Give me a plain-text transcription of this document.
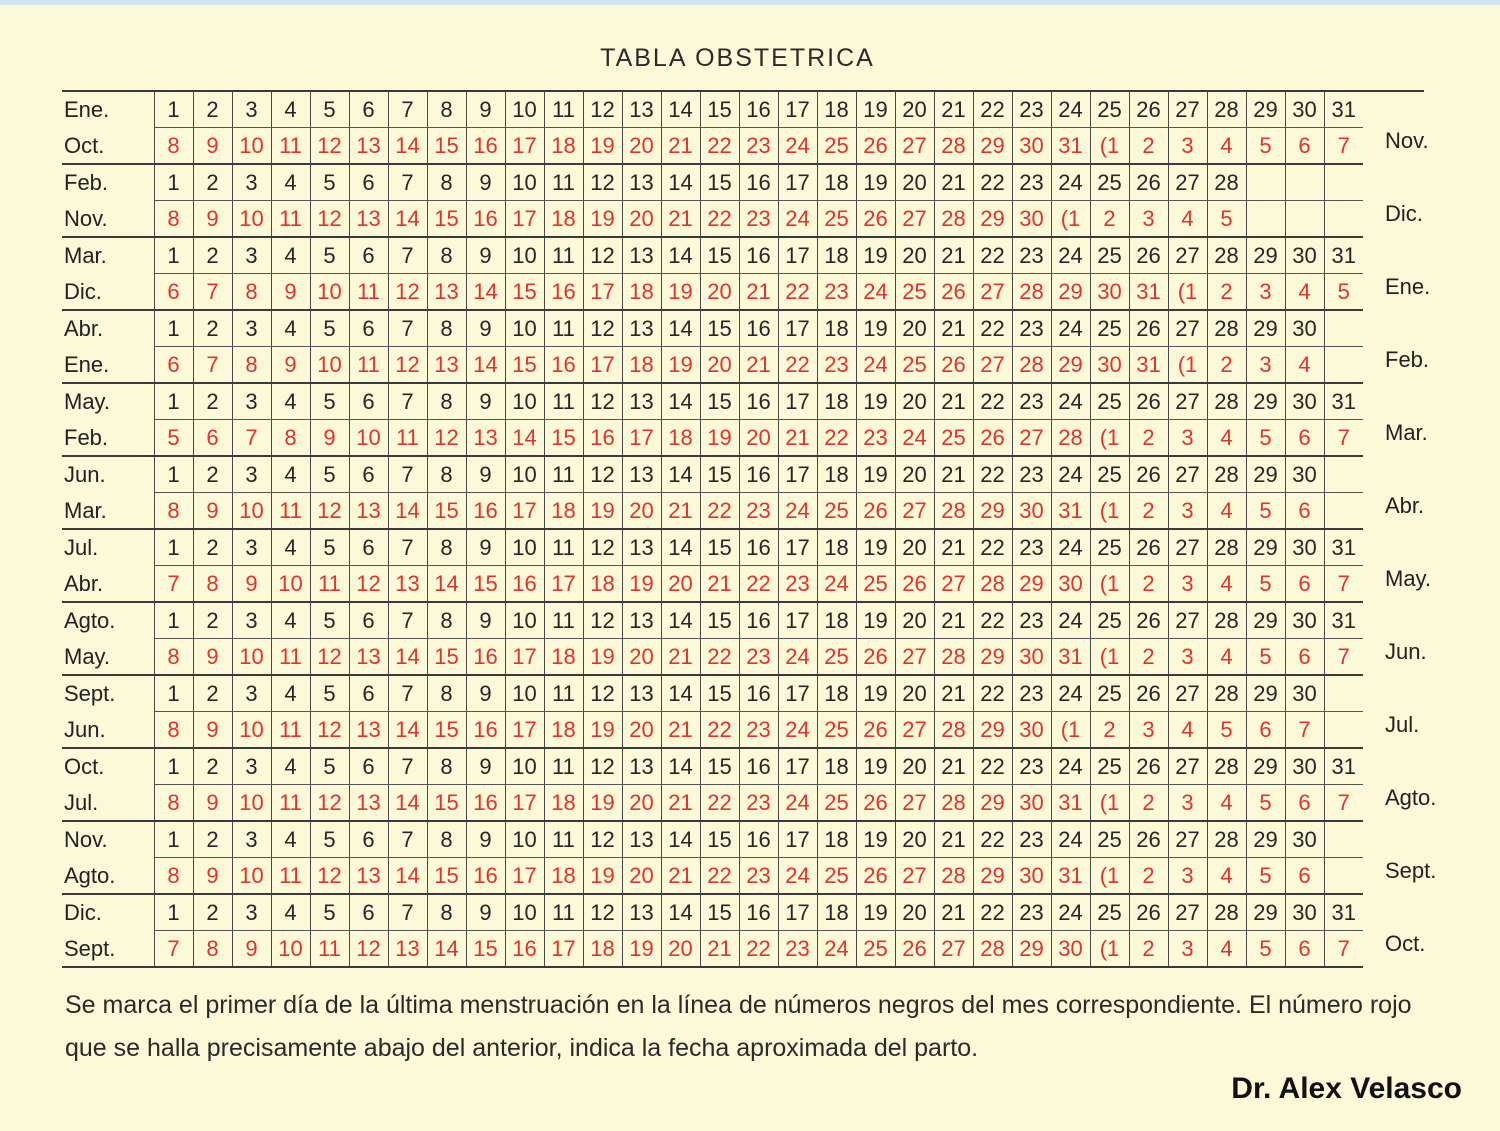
TABLA OBSTETRICA
Ene.		1	2	3	4	5	6	7	8	9	10	11	12	13	14	15	16	17	18	19	20	21	22	23	24	25	26	27	28	29	30	31	Nov.
Oct.		8	9	10	11	12	13	14	15	16	17	18	19	20	21	22	23	24	25	26	27	28	29	30	31	(1	2	3	4	5	6	7	
Feb.		1	2	3	4	5	6	7	8	9	10	11	12	13	14	15	16	17	18	19	20	21	22	23	24	25	26	27	28				Dic.
Nov.		8	9	10	11	12	13	14	15	16	17	18	19	20	21	22	23	24	25	26	27	28	29	30	(1	2	3	4	5				
Mar.		1	2	3	4	5	6	7	8	9	10	11	12	13	14	15	16	17	18	19	20	21	22	23	24	25	26	27	28	29	30	31	Ene.
Dic.		6	7	8	9	10	11	12	13	14	15	16	17	18	19	20	21	22	23	24	25	26	27	28	29	30	31	(1	2	3	4	5	
Abr.		1	2	3	4	5	6	7	8	9	10	11	12	13	14	15	16	17	18	19	20	21	22	23	24	25	26	27	28	29	30		Feb.
Ene.		6	7	8	9	10	11	12	13	14	15	16	17	18	19	20	21	22	23	24	25	26	27	28	29	30	31	(1	2	3	4		
May.		1	2	3	4	5	6	7	8	9	10	11	12	13	14	15	16	17	18	19	20	21	22	23	24	25	26	27	28	29	30	31	Mar.
Feb.		5	6	7	8	9	10	11	12	13	14	15	16	17	18	19	20	21	22	23	24	25	26	27	28	(1	2	3	4	5	6	7	
Jun.		1	2	3	4	5	6	7	8	9	10	11	12	13	14	15	16	17	18	19	20	21	22	23	24	25	26	27	28	29	30		Abr.
Mar.		8	9	10	11	12	13	14	15	16	17	18	19	20	21	22	23	24	25	26	27	28	29	30	31	(1	2	3	4	5	6		
Jul.		1	2	3	4	5	6	7	8	9	10	11	12	13	14	15	16	17	18	19	20	21	22	23	24	25	26	27	28	29	30	31	May.
Abr.		7	8	9	10	11	12	13	14	15	16	17	18	19	20	21	22	23	24	25	26	27	28	29	30	(1	2	3	4	5	6	7	
Agto.		1	2	3	4	5	6	7	8	9	10	11	12	13	14	15	16	17	18	19	20	21	22	23	24	25	26	27	28	29	30	31	Jun.
May.		8	9	10	11	12	13	14	15	16	17	18	19	20	21	22	23	24	25	26	27	28	29	30	31	(1	2	3	4	5	6	7	
Sept.		1	2	3	4	5	6	7	8	9	10	11	12	13	14	15	16	17	18	19	20	21	22	23	24	25	26	27	28	29	30		Jul.
Jun.		8	9	10	11	12	13	14	15	16	17	18	19	20	21	22	23	24	25	26	27	28	29	30	(1	2	3	4	5	6	7		
Oct.		1	2	3	4	5	6	7	8	9	10	11	12	13	14	15	16	17	18	19	20	21	22	23	24	25	26	27	28	29	30	31	Agto.
Jul.		8	9	10	11	12	13	14	15	16	17	18	19	20	21	22	23	24	25	26	27	28	29	30	31	(1	2	3	4	5	6	7	
Nov.		1	2	3	4	5	6	7	8	9	10	11	12	13	14	15	16	17	18	19	20	21	22	23	24	25	26	27	28	29	30		Sept.
Agto.		8	9	10	11	12	13	14	15	16	17	18	19	20	21	22	23	24	25	26	27	28	29	30	31	(1	2	3	4	5	6		
Dic.		1	2	3	4	5	6	7	8	9	10	11	12	13	14	15	16	17	18	19	20	21	22	23	24	25	26	27	28	29	30	31	Oct.
Sept.		7	8	9	10	11	12	13	14	15	16	17	18	19	20	21	22	23	24	25	26	27	28	29	30	(1	2	3	4	5	6	7	
Se marca el primer día de la última menstruación en la línea de números negros del mes correspondiente. El número rojo que se halla precisamente abajo del anterior, indica la fecha aproximada del parto.
Dr. Alex Velasco
